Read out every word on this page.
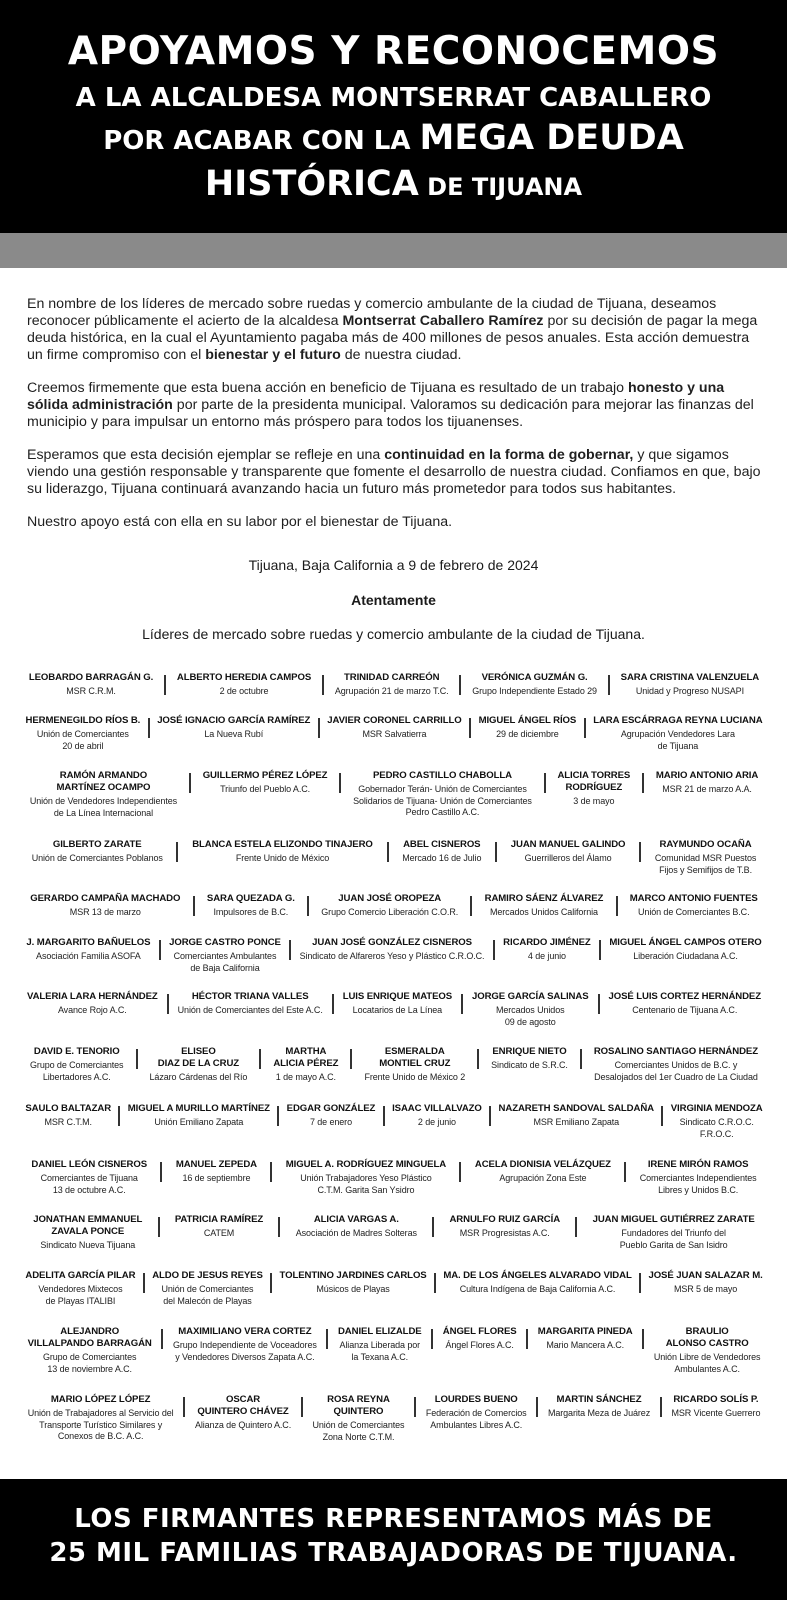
APOYAMOS Y RECONOCEMOS
A LA ALCALDESA MONTSERRAT CABALLERO
POR ACABAR CON LA MEGA DEUDA
HISTÓRICA DE TIJUANA

En nombre de los líderes de mercado sobre ruedas y comercio ambulante de la ciudad de Tijuana, deseamos reconocer públicamente el acierto de la alcaldesa Montserrat Caballero Ramírez por su decisión de pagar la mega deuda histórica, en la cual el Ayuntamiento pagaba más de 400 millones de pesos anuales. Esta acción demuestra un firme compromiso con el bienestar y el futuro de nuestra ciudad.

Creemos firmemente que esta buena acción en beneficio de Tijuana es resultado de un trabajo honesto y una sólida administración por parte de la presidenta municipal. Valoramos su dedicación para mejorar las finanzas del municipio y para impulsar un entorno más próspero para todos los tijuanenses.

Esperamos que esta decisión ejemplar se refleje en una continuidad en la forma de gobernar, y que sigamos viendo una gestión responsable y transparente que fomente el desarrollo de nuestra ciudad. Confiamos en que, bajo su liderazgo, Tijuana continuará avanzando hacia un futuro más prometedor para todos sus habitantes.

Nuestro apoyo está con ella en su labor por el bienestar de Tijuana.

Tijuana, Baja California a 9 de febrero de 2024
Atentamente
Líderes de mercado sobre ruedas y comercio ambulante de la ciudad de Tijuana.
LEOBARDO BARRAGÁN G.
MSR C.R.M.
ALBERTO HEREDIA CAMPOS
2 de octubre
TRINIDAD CARREÓN
Agrupación 21 de marzo T.C.
VERÓNICA GUZMÁN G.
Grupo Independiente Estado 29
SARA CRISTINA VALENZUELA
Unidad y Progreso NUSAPI
HERMENEGILDO RÍOS B.
Unión de Comerciantes
20 de abril
JOSÉ IGNACIO GARCÍA RAMÍREZ
La Nueva Rubí
JAVIER CORONEL CARRILLO
MSR Salvatierra
MIGUEL ÁNGEL RÍOS
29 de diciembre
LARA ESCÁRRAGA REYNA LUCIANA
Agrupación Vendedores Lara
de Tijuana
RAMÓN ARMANDO
MARTÍNEZ OCAMPO
Unión de Vendedores Independientes
de La Línea Internacional
GUILLERMO PÉREZ LÓPEZ
Triunfo del Pueblo A.C.
PEDRO CASTILLO CHABOLLA
Gobernador Terán- Unión de Comerciantes
Solidarios de Tijuana- Unión de Comerciantes
Pedro Castillo A.C.
ALICIA TORRES
RODRÍGUEZ
3 de mayo
MARIO ANTONIO ARIA
MSR 21 de marzo A.A.
GILBERTO ZARATE
Unión de Comerciantes Poblanos
BLANCA ESTELA ELIZONDO TINAJERO
Frente Unido de México
ABEL CISNEROS
Mercado 16 de Julio
JUAN MANUEL GALINDO
Guerrilleros del Álamo
RAYMUNDO OCAÑA
Comunidad MSR Puestos
Fijos y Semifijos de T.B.
GERARDO CAMPAÑA MACHADO
MSR 13 de marzo
SARA QUEZADA G.
Impulsores de B.C.
JUAN JOSÉ OROPEZA
Grupo Comercio Liberación C.O.R.
RAMIRO SÁENZ ÁLVAREZ
Mercados Unidos California
MARCO ANTONIO FUENTES
Unión de Comerciantes B.C.
J. MARGARITO BAÑUELOS
Asociación Familia ASOFA
JORGE CASTRO PONCE
Comerciantes Ambulantes
de Baja California
JUAN JOSÉ GONZÁLEZ CISNEROS
Sindicato de Alfareros Yeso y Plástico C.R.O.C.
RICARDO JIMÉNEZ
4 de junio
MIGUEL ÁNGEL CAMPOS OTERO
Liberación Ciudadana A.C.
VALERIA LARA HERNÁNDEZ
Avance Rojo A.C.
HÉCTOR TRIANA VALLES
Unión de Comerciantes del Este A.C.
LUIS ENRIQUE MATEOS
Locatarios de La Línea
JORGE GARCÍA SALINAS
Mercados Unidos
09 de agosto
JOSÉ LUIS CORTEZ HERNÁNDEZ
Centenario de Tijuana A.C.
DAVID E. TENORIO
Grupo de Comerciantes
Libertadores A.C.
ELISEO
DIAZ DE LA CRUZ
Lázaro Cárdenas del Río
MARTHA
ALICIA PÉREZ
1 de mayo A.C.
ESMERALDA
MONTIEL CRUZ
Frente Unido de México 2
ENRIQUE NIETO
Sindicato de S.R.C.
ROSALINO SANTIAGO HERNÁNDEZ
Comerciantes Unidos de B.C. y
Desalojados del 1er Cuadro de La Ciudad
SAULO BALTAZAR
MSR C.T.M.
MIGUEL A MURILLO MARTÍNEZ
Unión Emiliano Zapata
EDGAR GONZÁLEZ
7 de enero
ISAAC VILLALVAZO
2 de junio
NAZARETH SANDOVAL SALDAÑA
MSR Emiliano Zapata
VIRGINIA MENDOZA
Sindicato C.R.O.C.
F.R.O.C.
DANIEL LEÓN CISNEROS
Comerciantes de Tijuana
13 de octubre A.C.
MANUEL ZEPEDA
16 de septiembre
MIGUEL A. RODRÍGUEZ MINGUELA
Unión Trabajadores Yeso Plástico
C.T.M. Garita San Ysidro
ACELA DIONISIA VELÁZQUEZ
Agrupación Zona Este
IRENE MIRÓN RAMOS
Comerciantes Independientes
Libres y Unidos B.C.
JONATHAN EMMANUEL
ZAVALA PONCE
Sindicato Nueva Tijuana
PATRICIA RAMÍREZ
CATEM
ALICIA VARGAS A.
Asociación de Madres Solteras
ARNULFO RUIZ GARCÍA
MSR Progresistas A.C.
JUAN MIGUEL GUTIÉRREZ ZARATE
Fundadores del Triunfo del
Pueblo Garita de San Isidro
ADELITA GARCÍA PILAR
Vendedores Mixtecos
de Playas ITALIBI
ALDO DE JESUS REYES
Unión de Comerciantes
del Malecón de Playas
TOLENTINO JARDINES CARLOS
Músicos de Playas
MA. DE LOS ÁNGELES ALVARADO VIDAL
Cultura Indígena de Baja California A.C.
JOSÉ JUAN SALAZAR M.
MSR 5 de mayo
ALEJANDRO
VILLALPANDO BARRAGÁN
Grupo de Comerciantes
13 de noviembre A.C.
MAXIMILIANO VERA CORTEZ
Grupo Independiente de Voceadores
y Vendedores Diversos Zapata A.C.
DANIEL ELIZALDE
Alianza Liberada por
la Texana A.C.
ÁNGEL FLORES
Ángel Flores A.C.
MARGARITA PINEDA
Mario Mancera A.C.
BRAULIO
ALONSO CASTRO
Unión Libre de Vendedores
Ambulantes A.C.
MARIO LÓPEZ LÓPEZ
Unión de Trabajadores al Servicio del
Transporte Turístico Similares y
Conexos de B.C. A.C.
OSCAR
QUINTERO CHÁVEZ
Alianza de Quintero A.C.
ROSA REYNA
QUINTERO
Unión de Comerciantes
Zona Norte C.T.M.
LOURDES BUENO
Federación de Comercios
Ambulantes Libres A.C.
MARTIN SÁNCHEZ
Margarita Meza de Juárez
RICARDO SOLÍS P.
MSR Vicente Guerrero
LOS FIRMANTES REPRESENTAMOS MÁS DE
25 MIL FAMILIAS TRABAJADORAS DE TIJUANA.
